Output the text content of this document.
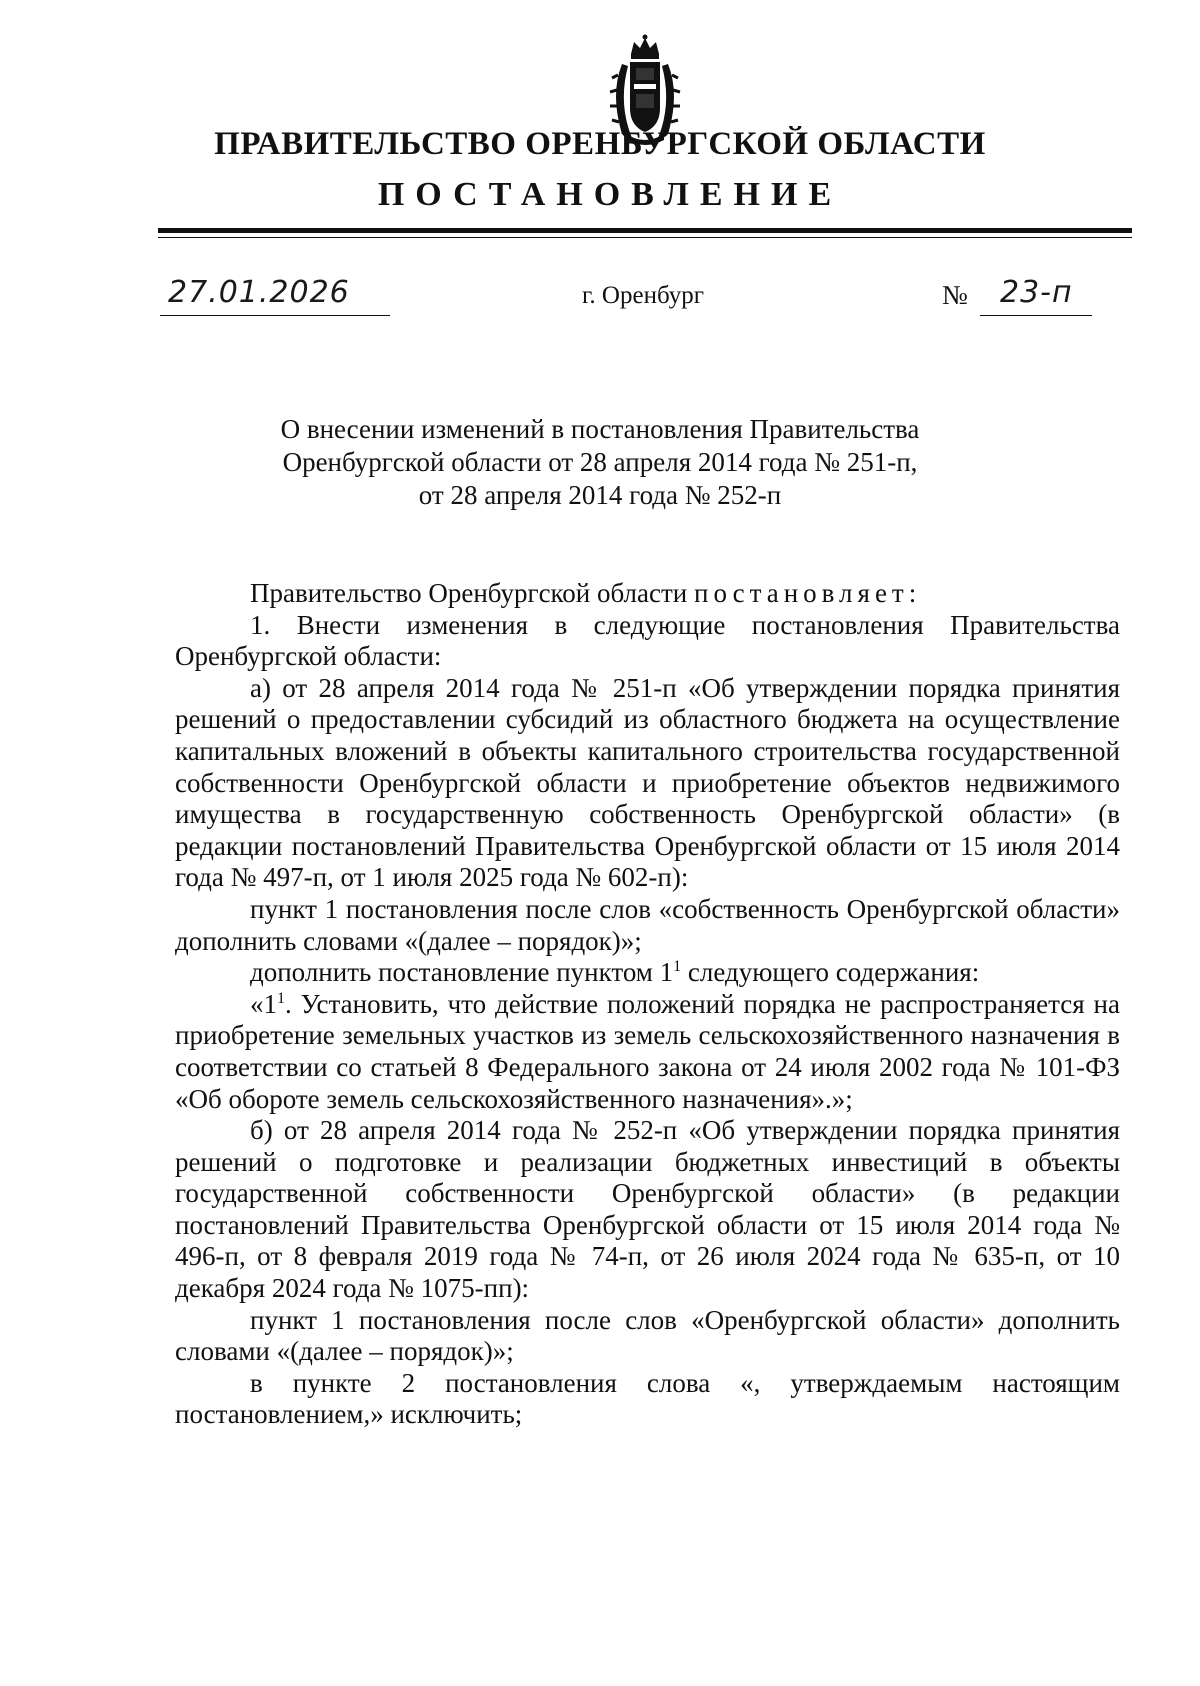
ПРАВИТЕЛЬСТВО ОРЕНБУРГСКОЙ ОБЛАСТИ
ПОСТАНОВЛЕНИЕ
27.01.2026	г. Оренбург	№ 23-п
О внесении изменений в постановления Правительства
Оренбургской области от 28 апреля 2014 года № 251-п,
от 28 апреля 2014 года № 252-п

Правительство Оренбургской области постановляет:

1. Внести изменения в следующие постановления Правительства Оренбургской области:

а) от 28 апреля 2014 года № 251-п «Об утверждении порядка принятия решений о предоставлении субсидий из областного бюджета на осуществление капитальных вложений в объекты капитального строительства государственной собственности Оренбургской области и приобретение объектов недвижимого имущества в государственную собственность Оренбургской области» (в редакции постановлений Правительства Оренбургской области от 15 июля 2014 года № 497-п, от 1 июля 2025 года № 602-п):

пункт 1 постановления после слов «собственность Оренбургской области» дополнить словами «(далее – порядок)»;

дополнить постановление пунктом $1^1$ следующего содержания:

«$1^1$. Установить, что действие положений порядка не распространяется на приобретение земельных участков из земель сельскохозяйственного назначения в соответствии со статьей 8 Федерального закона от 24 июля 2002 года № 101-ФЗ «Об обороте земель сельскохозяйственного назначения».»;

б) от 28 апреля 2014 года № 252-п «Об утверждении порядка принятия решений о подготовке и реализации бюджетных инвестиций в объекты государственной собственности Оренбургской области» (в редакции постановлений Правительства Оренбургской области от 15 июля 2014 года № 496-п, от 8 февраля 2019 года № 74-п, от 26 июля 2024 года № 635-п, от 10 декабря 2024 года № 1075-пп):

пункт 1 постановления после слов «Оренбургской области» дополнить словами «(далее – порядок)»;

в пункте 2 постановления слова «, утверждаемым настоящим постановлением,» исключить;
